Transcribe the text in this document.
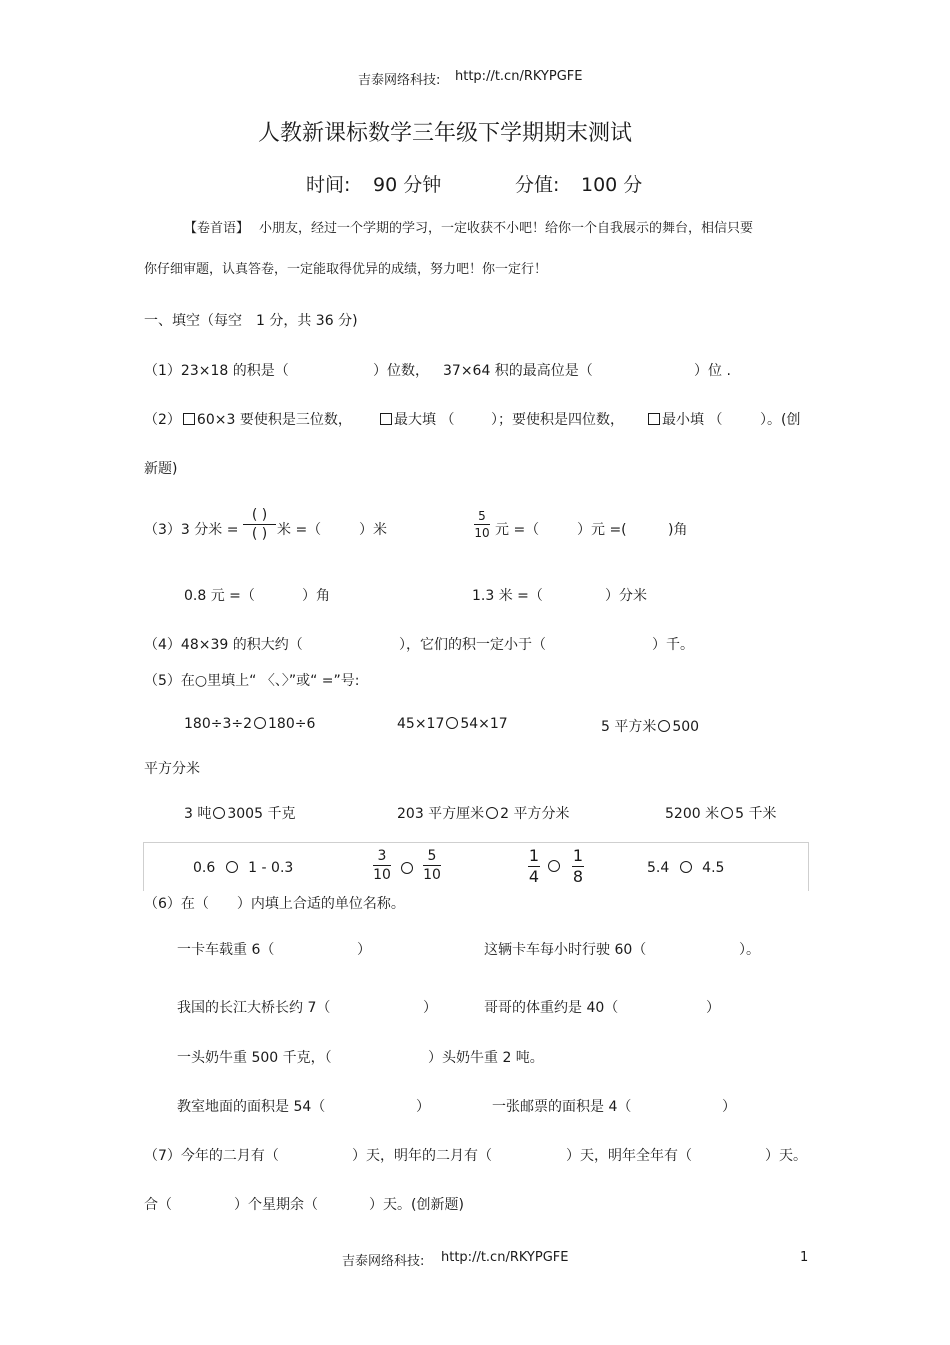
吉泰网络科技: http://t.cn/RKYPGFE
人教新课标数学三年级下学期期末测试
时间: 90 分钟	分值: 100 分
【卷首语】 小朋友，经过一个学期的学习，一定收获不小吧！给你一个自我展示的舞台，相信只要
你仔细审题，认真答卷，一定能取得优异的成绩，努力吧！你一定行！
一、填空（每空　1 分，共 36 分)
（1）23×18 的积是（	）位数， 37×64 积的最高位是（	）位 .
（2） 60×3 要使积是三位数，	最大填 （	）；要使积是四位数，	最小填 （	）。(创
新题)
（3）3 分米 =
( )
( ) 米 =（	）米
5
10 元 =（	）元 =(	)角
0.8 元 =（	）角	1.3 米 =（	）分米
（4）48×39 的积大约（	），它们的积一定小于（	）千。
（5）在○里填上“ 〈、〉”或“ =”号:
180÷3÷2 180÷6	45×17 54×17	5 平方米 500
平方分米
3 吨 3005 千克	203 平方厘米 2 平方分米	5200 米 5 千米
0.6 1 - 0.3
3
10
5
10
1
4
1
8	5.4 4.5
（6）在（　　）内填上合适的单位名称。
一卡车载重 6（	）	这辆卡车每小时行驶 60（	）。
我国的长江大桥长约 7（	）	哥哥的体重约是 40（	）
一头奶牛重 500 千克，（	）头奶牛重 2 吨。
教室地面的面积是 54（	）	一张邮票的面积是 4（	）
（7）今年的二月有（	）天，明年的二月有（	）天，明年全年有（	）天。
合（	）个星期余（	）天。(创新题)
吉泰网络科技: http://t.cn/RKYPGFE	1
